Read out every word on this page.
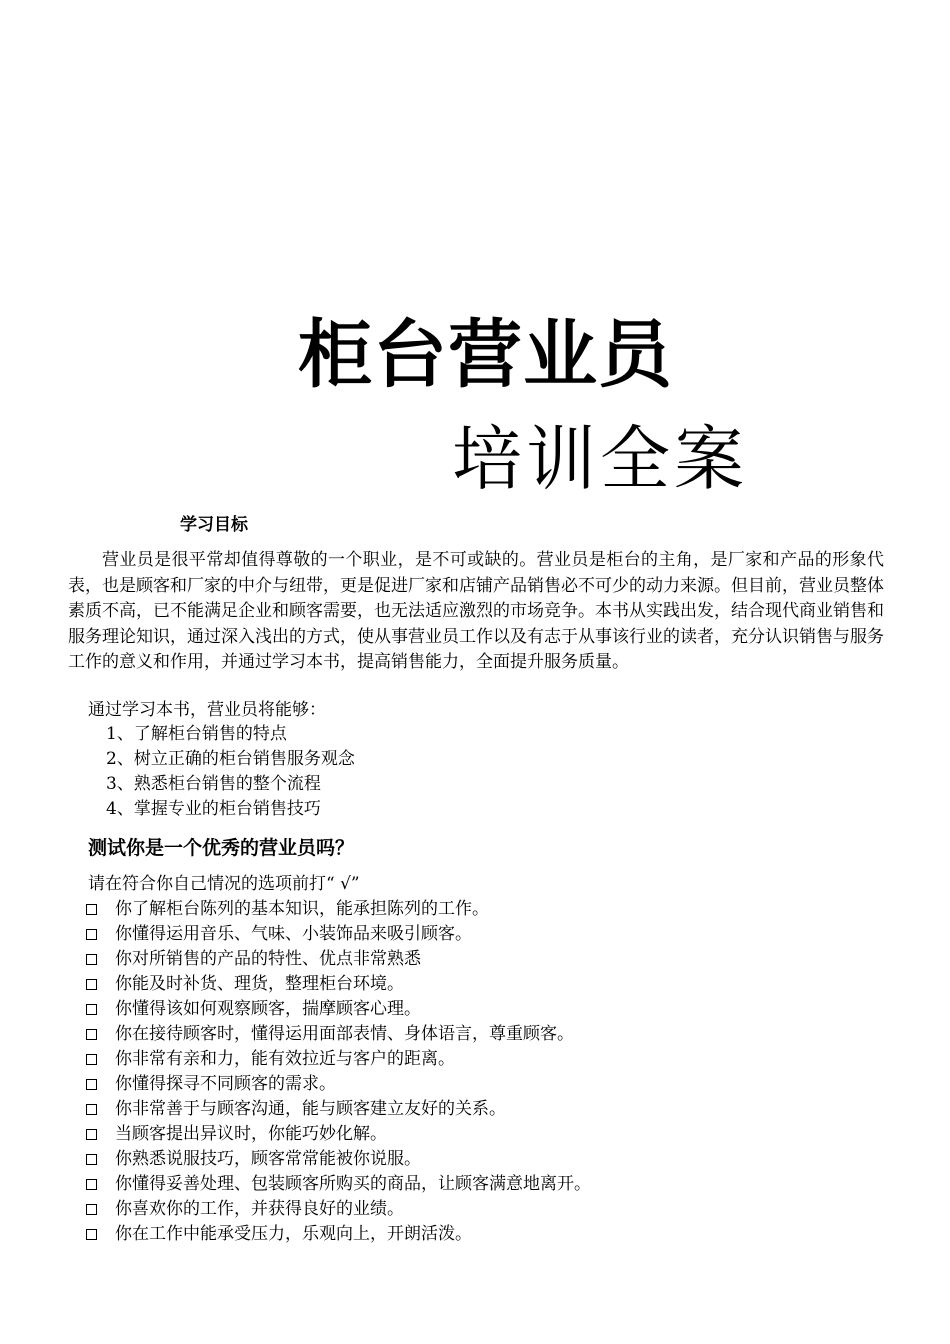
柜台营业员
培训全案
学习目标

营业员是很平常却值得尊敬的一个职业，是不可或缺的。营业员是柜台的主角，是厂家和产品的形象代表，也是顾客和厂家的中介与纽带，更是促进厂家和店铺产品销售必不可少的动力来源。但目前，营业员整体素质不高，已不能满足企业和顾客需要，也无法适应激烈的市场竞争。本书从实践出发，结合现代商业销售和服务理论知识，通过深入浅出的方式，使从事营业员工作以及有志于从事该行业的读者，充分认识销售与服务工作的意义和作用，并通过学习本书，提高销售能力，全面提升服务质量。

通过学习本书，营业员将能够：
1、了解柜台销售的特点
2、树立正确的柜台销售服务观念
3、熟悉柜台销售的整个流程
4、掌握专业的柜台销售技巧
测试你是一个优秀的营业员吗？
请在符合你自己情况的选项前打“ √”
你了解柜台陈列的基本知识，能承担陈列的工作。
你懂得运用音乐、气味、小装饰品来吸引顾客。
你对所销售的产品的特性、优点非常熟悉
你能及时补货、理货，整理柜台环境。
你懂得该如何观察顾客，揣摩顾客心理。
你在接待顾客时，懂得运用面部表情、身体语言，尊重顾客。
你非常有亲和力，能有效拉近与客户的距离。
你懂得探寻不同顾客的需求。
你非常善于与顾客沟通，能与顾客建立友好的关系。
当顾客提出异议时，你能巧妙化解。
你熟悉说服技巧，顾客常常能被你说服。
你懂得妥善处理、包装顾客所购买的商品，让顾客满意地离开。
你喜欢你的工作，并获得良好的业绩。
你在工作中能承受压力，乐观向上，开朗活泼。
